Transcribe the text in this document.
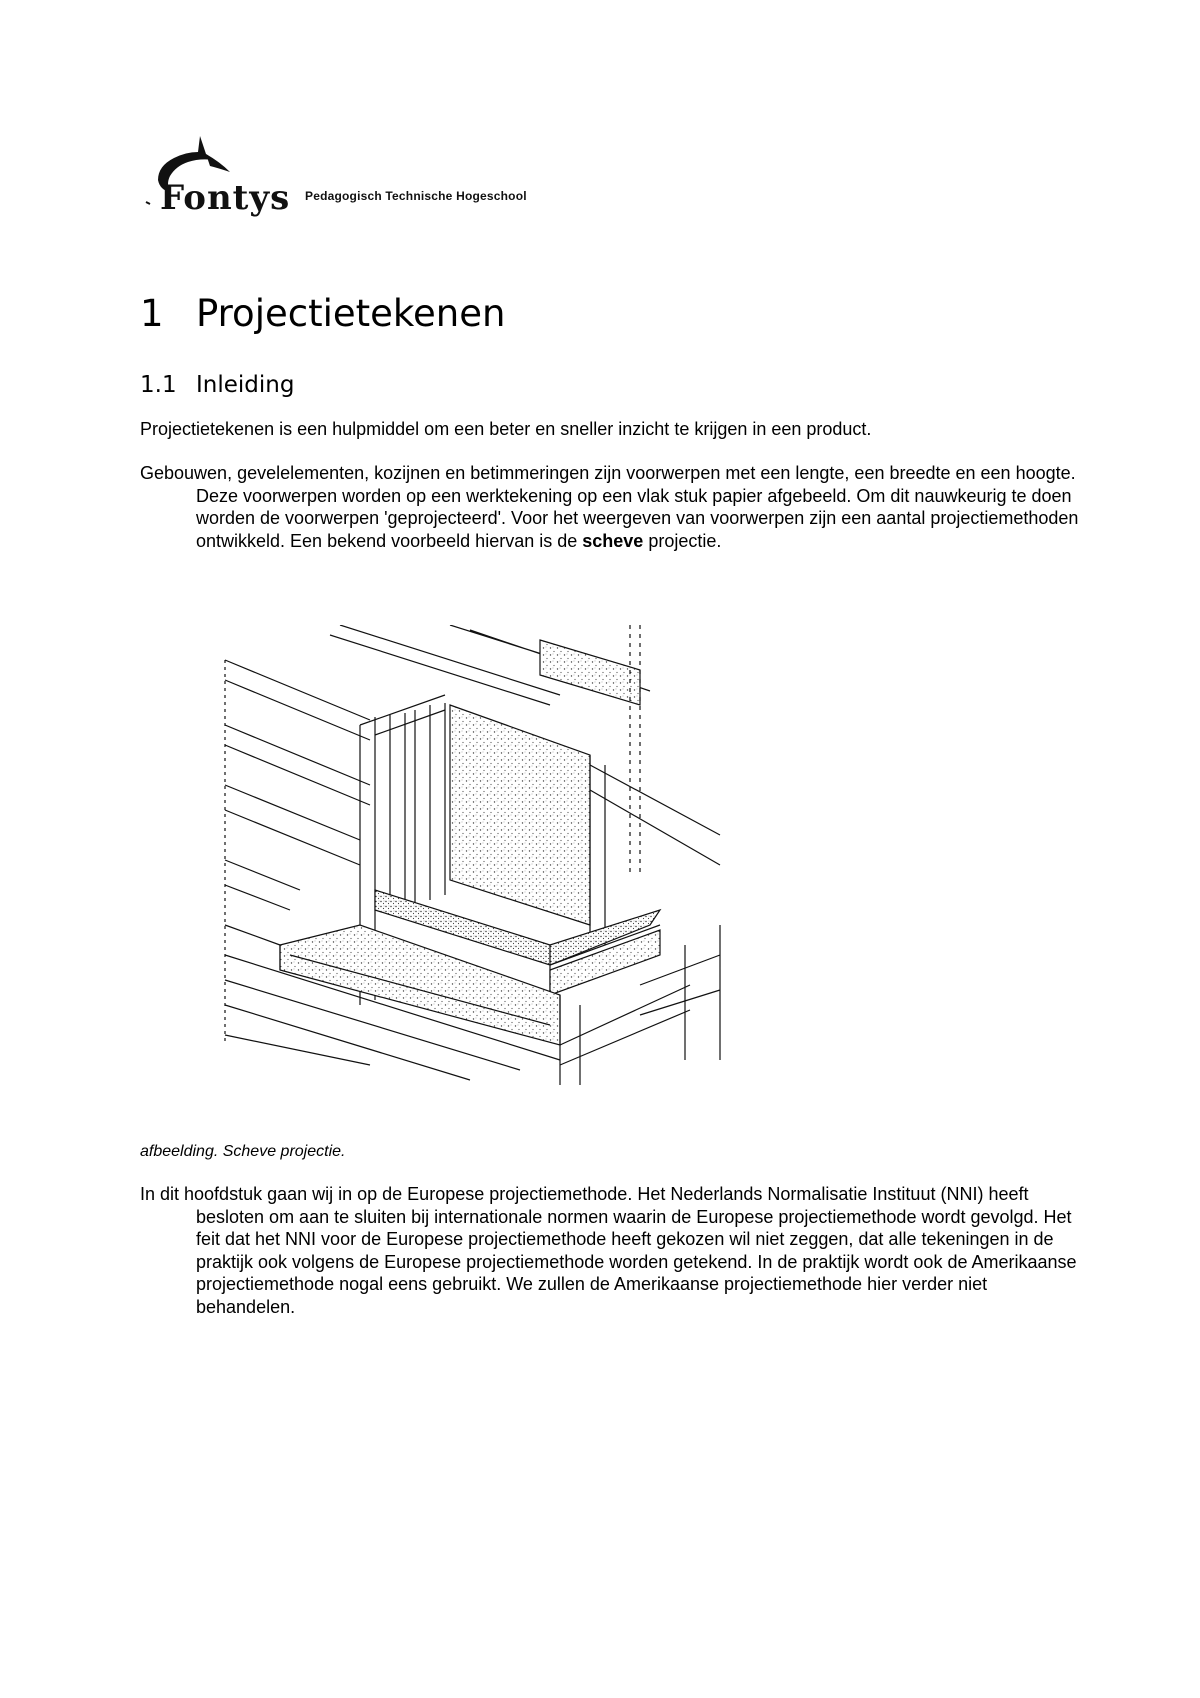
Fontys Pedagogisch Technische Hogeschool
1 Projectietekenen
1.1 Inleiding

Projectietekenen is een hulpmiddel om een beter en sneller inzicht te krijgen in een product.

Gebouwen, gevelelementen, kozijnen en betimmeringen zijn voorwerpen met een lengte, een breedte en een hoogte. Deze voorwerpen worden op een werktekening op een vlak stuk papier afgebeeld. Om dit nauwkeurig te doen worden de voorwerpen 'geprojecteerd'. Voor het weergeven van voorwerpen zijn een aantal projectiemethoden ontwikkeld. Een bekend voorbeeld hiervan is de scheve projectie.

afbeelding. Scheve projectie.

In dit hoofdstuk gaan wij in op de Europese projectiemethode. Het Nederlands Normalisatie Instituut (NNI) heeft besloten om aan te sluiten bij internationale normen waarin de Europese projectiemethode wordt gevolgd. Het feit dat het NNI voor de Europese projectiemethode heeft gekozen wil niet zeggen, dat alle tekeningen in de praktijk ook volgens de Europese projectiemethode worden getekend. In de praktijk wordt ook de Amerikaanse projectiemethode nogal eens gebruikt. We zullen de Amerikaanse projectiemethode hier verder niet behandelen.
